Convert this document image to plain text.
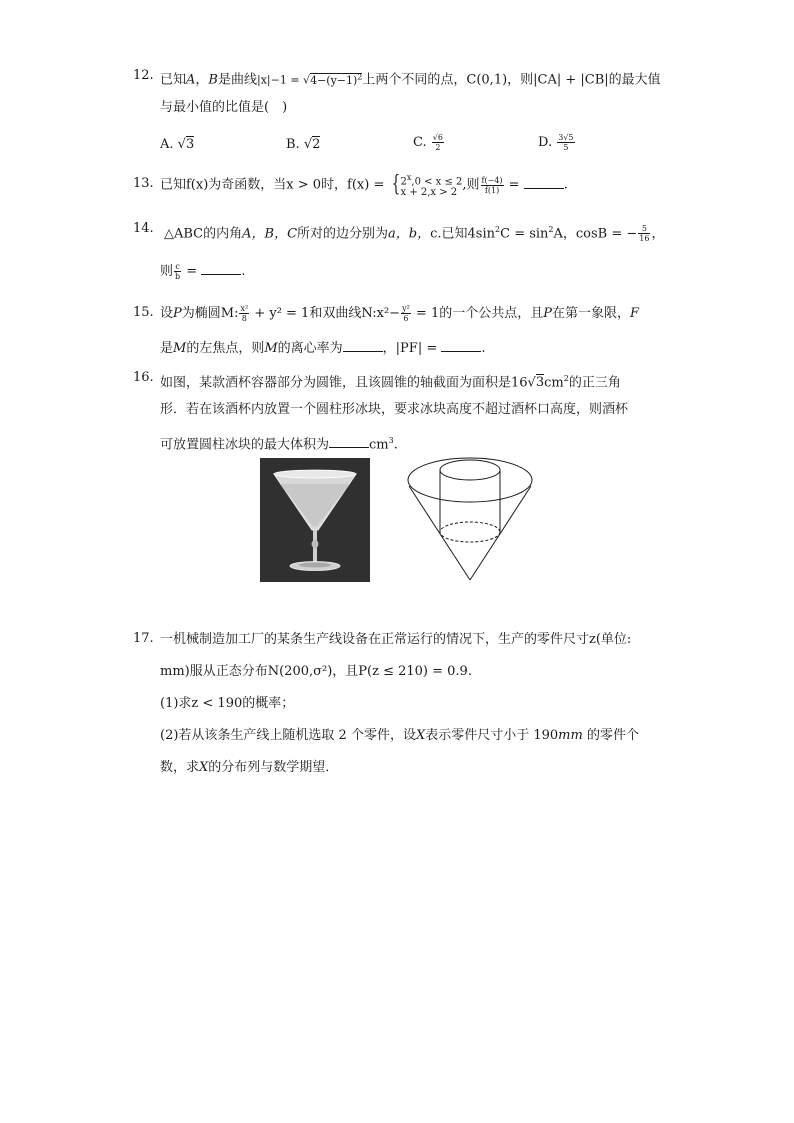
12. 已知A，B是曲线$|x|-1 = √4-(y-1)^2$上两个不同的点，C(0,1)，则|CA| + |CB|的最大值
与最小值的比值是(　)
A. √3	B. √2	C. $\frac{√6}{2}$	D. $\frac{3√5}{5}$
13. 已知f(x)为奇函数，当x > 0时，f(x) = { $2^x,0 < x \le 2$
x + 2,x > 2
,则 $\frac{f(-4)}{f(1)}$ =	.
14. △ABC的内角A，B，C所对的边分别为a，b，c.已知$4\sin^2C = \sin^2A$，cosB = − $\frac{5}{16}$ ，
则 $\frac{c}{b}$ =	.
15. 设P为椭圆M: $\frac{\text{x²}}{8} + y^2 = 1$和双曲线N:x²− $\frac{\text{y²}}{6} = 1$的一个公共点，且P在第一象限，F
是M的左焦点，则M的离心率为	，|PF| =	.
16. 如图，某款酒杯容器部分为圆锥，且该圆锥的轴截面为面积是$16√3cm^2$的正三角
形．若在该酒杯内放置一个圆柱形冰块，要求冰块高度不超过酒杯口高度，则酒杯
可放置圆柱冰块的最大体积为	$cm^3$.
17. 一机械制造加工厂的某条生产线设备在正常运行的情况下，生产的零件尺寸z(单位:
mm)服从正态分布N(200,σ²)，且P(z ≤ 210) = 0.9.
(1)求z < 190的概率；
(2)若从该条生产线上随机选取 2 个零件，设X表示零件尺寸小于 190mm 的零件个
数，求X的分布列与数学期望．
